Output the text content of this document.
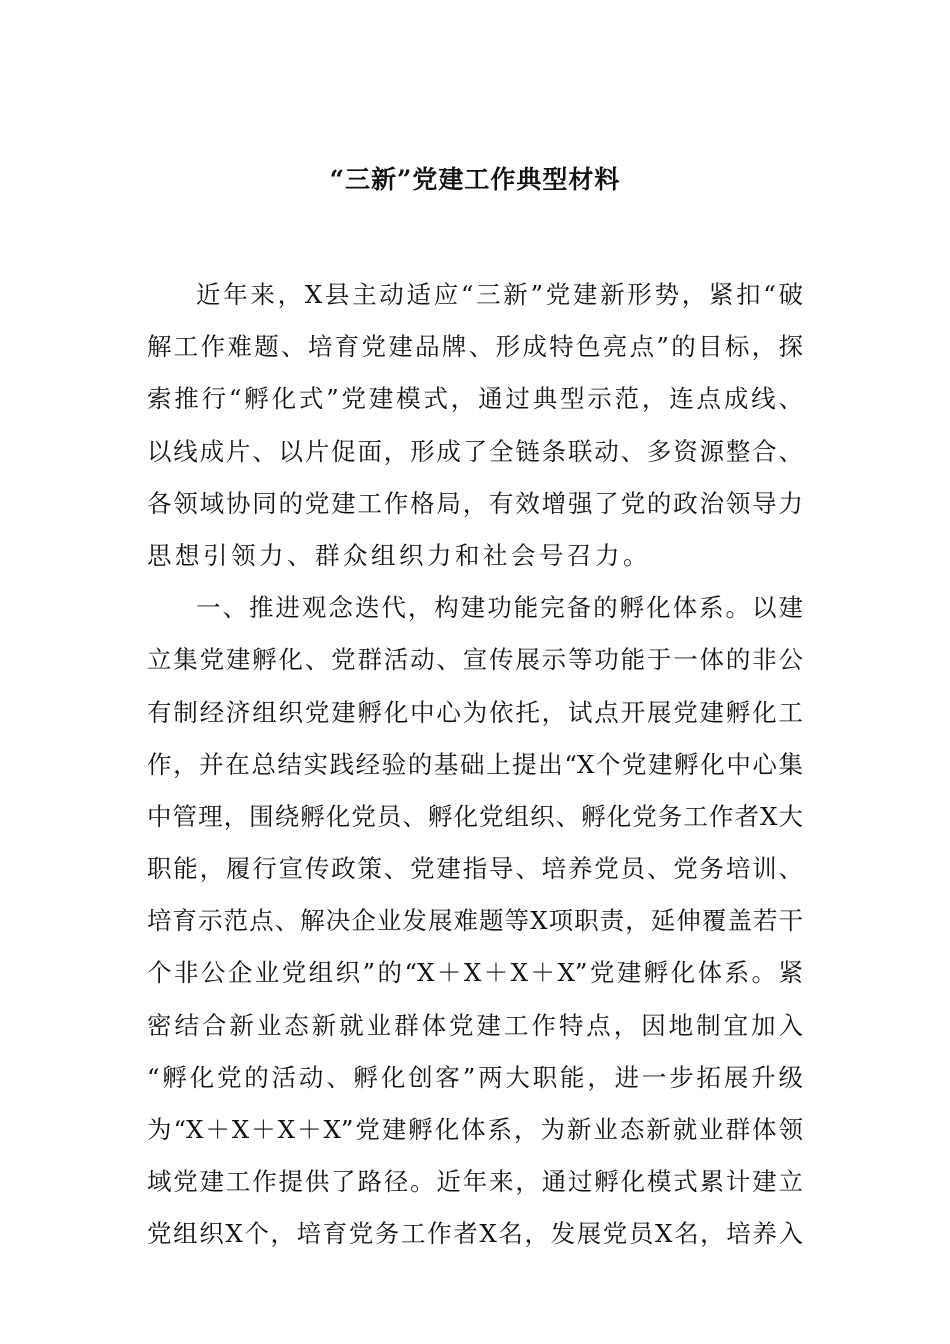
“三新”党建工作典型材料
近年来，X县主动适应“三新”党建新形势，紧扣“破
解工作难题、培育党建品牌、形成特色亮点”的目标，探
索推行“孵化式”党建模式，通过典型示范，连点成线、
以线成片、以片促面，形成了全链条联动、多资源整合、
各领域协同的党建工作格局，有效增强了党的政治领导力
思想引领力、群众组织力和社会号召力。
一、推进观念迭代，构建功能完备的孵化体系。以建
立集党建孵化、党群活动、宣传展示等功能于一体的非公
有制经济组织党建孵化中心为依托，试点开展党建孵化工
作，并在总结实践经验的基础上提出“X个党建孵化中心集
中管理，围绕孵化党员、孵化党组织、孵化党务工作者X大
职能，履行宣传政策、党建指导、培养党员、党务培训、
培育示范点、解决企业发展难题等X项职责，延伸覆盖若干
个非公企业党组织”的“X＋X＋X＋X”党建孵化体系。紧
密结合新业态新就业群体党建工作特点，因地制宜加入
“孵化党的活动、孵化创客”两大职能，进一步拓展升级
为“X＋X＋X＋X”党建孵化体系，为新业态新就业群体领
域党建工作提供了路径。近年来，通过孵化模式累计建立
党组织X个，培育党务工作者X名，发展党员X名，培养入
